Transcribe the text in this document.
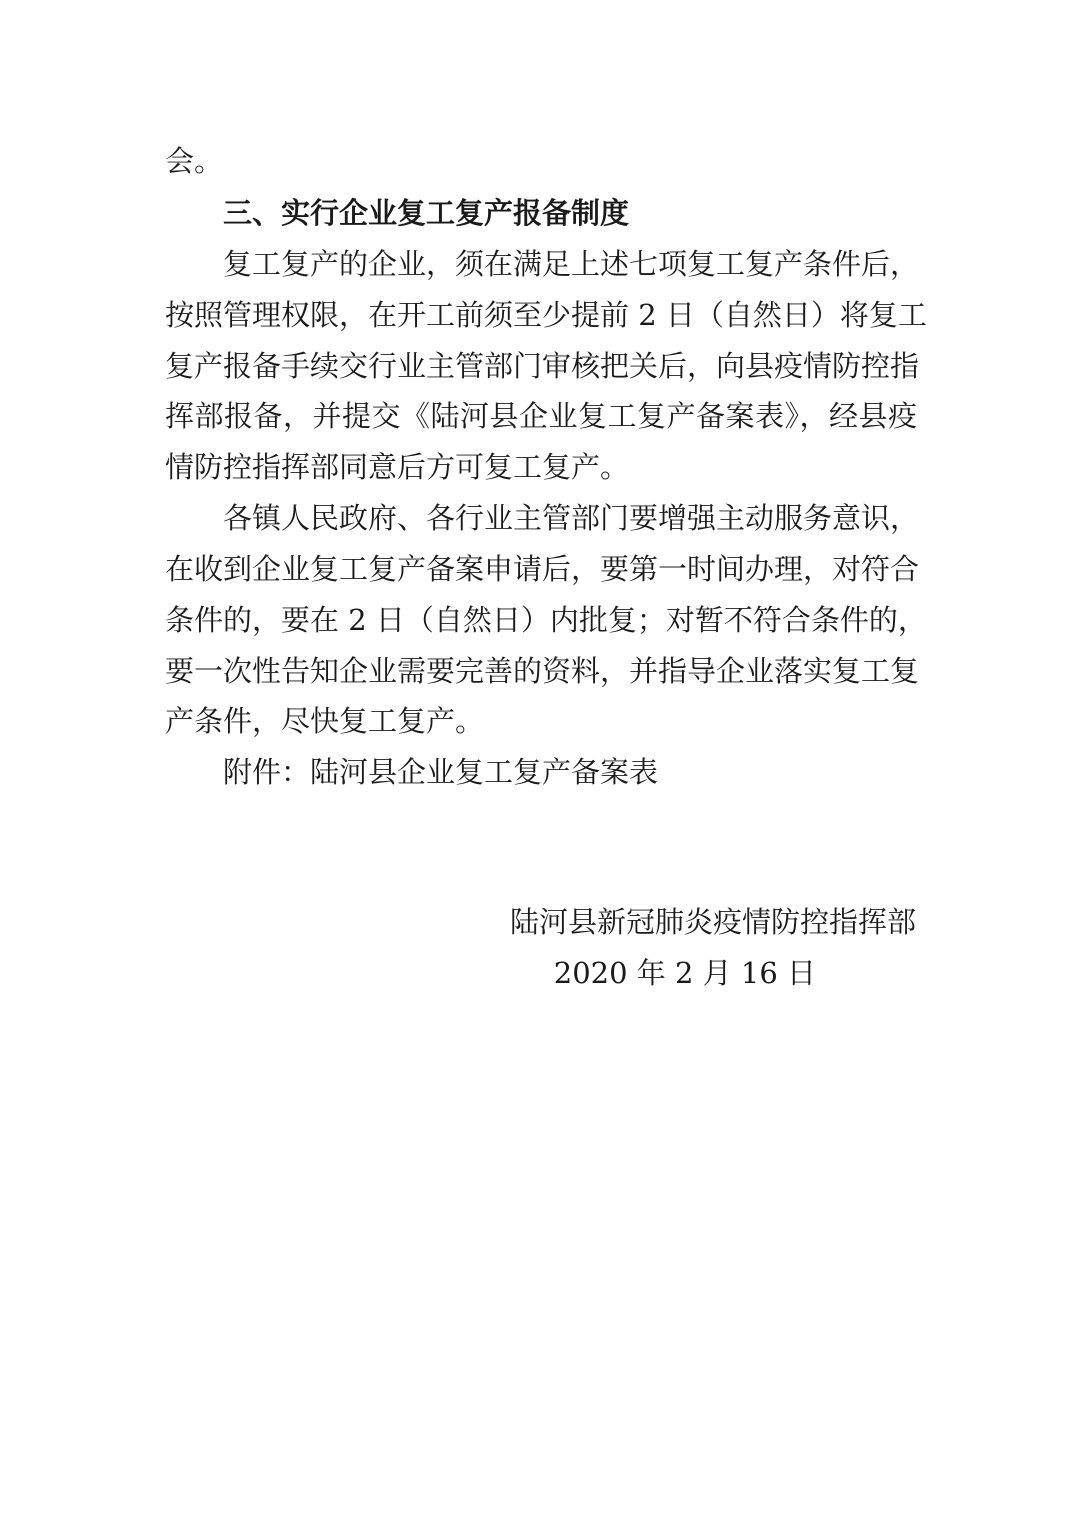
会。
三、实行企业复工复产报备制度
复工复产的企业，须在满足上述七项复工复产条件后，
按照管理权限，在开工前须至少提前 2 日（自然日）将复工
复产报备手续交行业主管部门审核把关后，向县疫情防控指
挥部报备，并提交《陆河县企业复工复产备案表》，经县疫
情防控指挥部同意后方可复工复产。
各镇人民政府、各行业主管部门要增强主动服务意识，
在收到企业复工复产备案申请后，要第一时间办理，对符合
条件的，要在 2 日（自然日）内批复；对暂不符合条件的，
要一次性告知企业需要完善的资料，并指导企业落实复工复
产条件，尽快复工复产。
附件：陆河县企业复工复产备案表
陆河县新冠肺炎疫情防控指挥部
2020 年 2 月 16 日
